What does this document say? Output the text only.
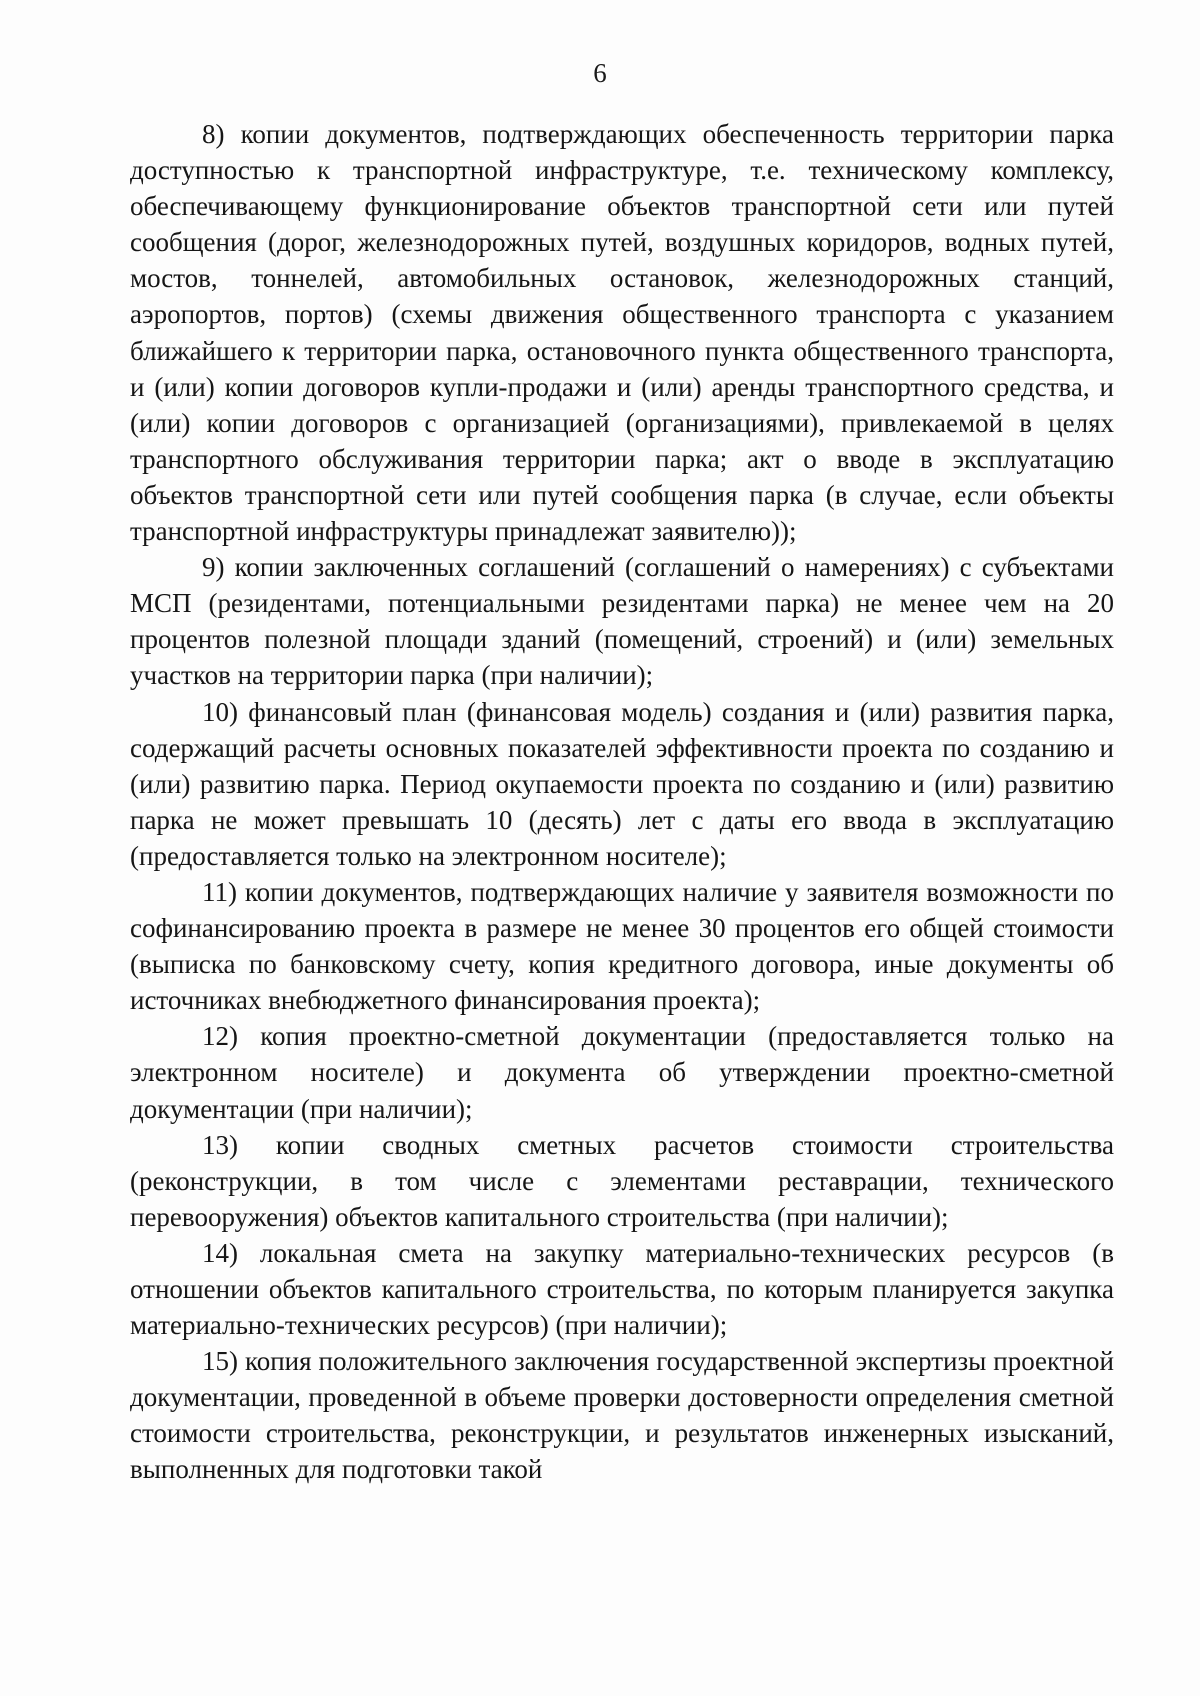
6

8) копии документов, подтверждающих обеспеченность территории парка доступностью к транспортной инфраструктуре, т.е. техническому комплексу, обеспечивающему функционирование объектов транспортной сети или путей сообщения (дорог, железнодорожных путей, воздушных коридоров, водных путей, мостов, тоннелей, автомобильных остановок, железнодорожных станций, аэропортов, портов) (схемы движения общественного транспорта с указанием ближайшего к территории парка, остановочного пункта общественного транспорта, и (или) копии договоров купли-продажи и (или) аренды транспортного средства, и (или) копии договоров с организацией (организациями), привлекаемой в целях транспортного обслуживания территории парка; акт о вводе в эксплуатацию объектов транспортной сети или путей сообщения парка (в случае, если объекты транспортной инфраструктуры принадлежат заявителю));

9) копии заключенных соглашений (соглашений о намерениях) с субъектами МСП (резидентами, потенциальными резидентами парка) не менее чем на 20 процентов полезной площади зданий (помещений, строений) и (или) земельных участков на территории парка (при наличии);

10) финансовый план (финансовая модель) создания и (или) развития парка, содержащий расчеты основных показателей эффективности проекта по созданию и (или) развитию парка. Период окупаемости проекта по созданию и (или) развитию парка не может превышать 10 (десять) лет с даты его ввода в эксплуатацию (предоставляется только на электронном носителе);

11) копии документов, подтверждающих наличие у заявителя возможности по софинансированию проекта в размере не менее 30 процентов его общей стоимости (выписка по банковскому счету, копия кредитного договора, иные документы об источниках внебюджетного финансирования проекта);

12) копия проектно-сметной документации (предоставляется только на электронном носителе) и документа об утверждении проектно-сметной документации (при наличии);

13) копии сводных сметных расчетов стоимости строительства (реконструкции, в том числе с элементами реставрации, технического перевооружения) объектов капитального строительства (при наличии);

14) локальная смета на закупку материально-технических ресурсов (в отношении объектов капитального строительства, по которым планируется закупка материально-технических ресурсов) (при наличии);

15) копия положительного заключения государственной экспертизы проектной документации, проведенной в объеме проверки достоверности определения сметной стоимости строительства, реконструкции, и результатов инженерных изысканий, выполненных для подготовки такой
